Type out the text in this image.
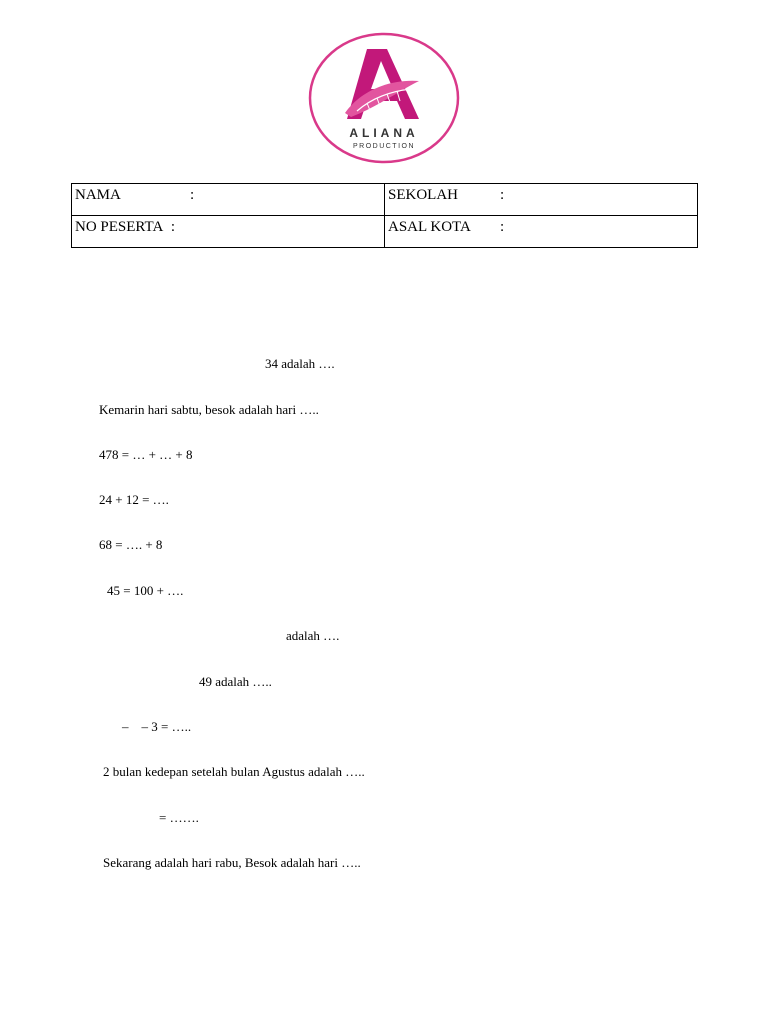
ALIANA
PRODUCTION
NAMA :	SEKOLAH :
NO PESERTA :	ASAL KOTA :
34 adalah ….
Kemarin hari sabtu, besok adalah hari …..
478 = … + … + 8
24 + 12 = ….
68 = …. + 8
45 = 100 + ….
adalah ….
49 adalah …..
–    – 3 = …..
2 bulan kedepan setelah bulan Agustus adalah …..
= …….
Sekarang adalah hari rabu, Besok adalah hari …..
